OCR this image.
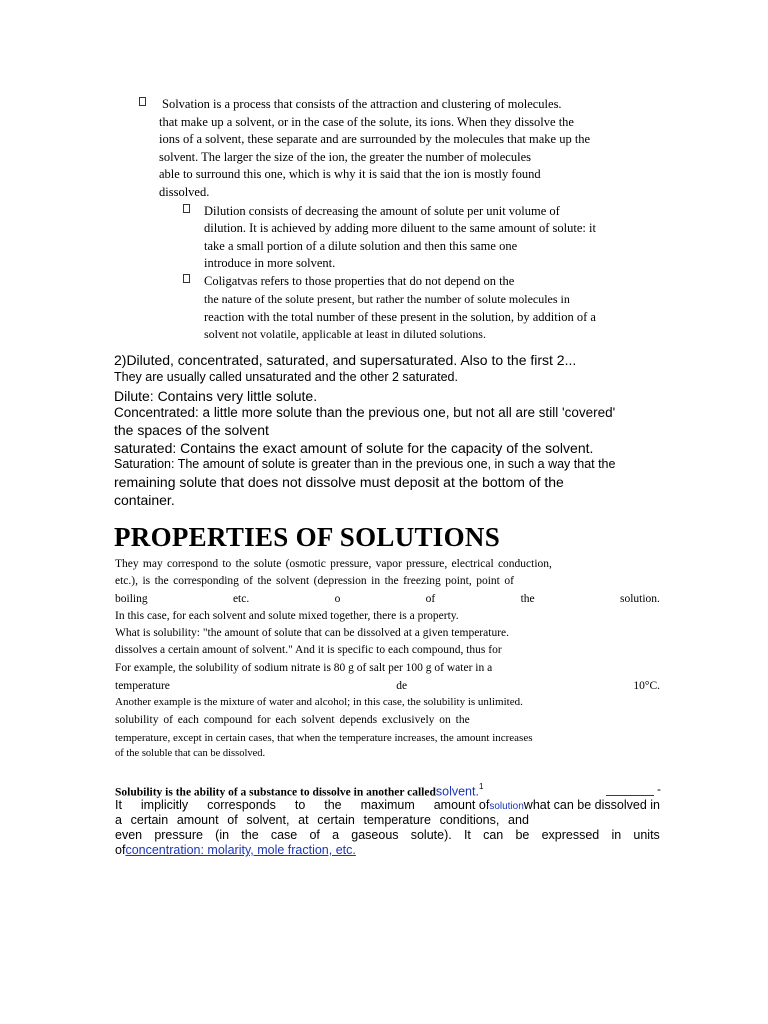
Solvation is a process that consists of the attraction and clustering of molecules.
that make up a solvent, or in the case of the solute, its ions. When they dissolve the
ions of a solvent, these separate and are surrounded by the molecules that make up the
solvent. The larger the size of the ion, the greater the number of molecules
able to surround this one, which is why it is said that the ion is mostly found
dissolved.
Dilution consists of decreasing the amount of solute per unit volume of
dilution. It is achieved by adding more diluent to the same amount of solute: it
take a small portion of a dilute solution and then this same one
introduce in more solvent.
Coligatvas refers to those properties that do not depend on the
the nature of the solute present, but rather the number of solute molecules in
reaction with the total number of these present in the solution, by addition of a
solvent not volatile, applicable at least in diluted solutions.
2)Diluted, concentrated, saturated, and supersaturated. Also to the first 2...
They are usually called unsaturated and the other 2 saturated.
Dilute: Contains very little solute.
Concentrated: a little more solute than the previous one, but not all are still 'covered'
the spaces of the solvent
saturated: Contains the exact amount of solute for the capacity of the solvent.
Saturation: The amount of solute is greater than in the previous one, in such a way that the
remaining solute that does not dissolve must deposit at the bottom of the
container.
PROPERTIES OF SOLUTIONS
They may correspond to the solute (osmotic pressure, vapor pressure, electrical conduction,
etc.), is the corresponding of the solvent (depression in the freezing point, point of
boiling	etc.	o	of	the	solution.
In this case, for each solvent and solute mixed together, there is a property.
What is solubility: "the amount of solute that can be dissolved at a given temperature.
dissolves a certain amount of solvent." And it is specific to each compound, thus for
For example, the solubility of sodium nitrate is 80 g of salt per 100 g of water in a
temperature	de	10°C.
Another example is the mixture of water and alcohol; in this case, the solubility is unlimited.
solubility of each compound for each solvent depends exclusively on the
temperature, except in certain cases, that when the temperature increases, the amount increases
of the soluble that can be dissolved.
Solubility is the ability of a substance to dissolve in another calledsolvent.$^1$	-
It implicitly corresponds to the maximum amount ofsolutionwhat can be dissolved in
a certain amount of solvent, at certain temperature conditions, and
even pressure (in the case of a gaseous solute). It can be expressed in units
ofconcentration: molarity, mole fraction, etc.
